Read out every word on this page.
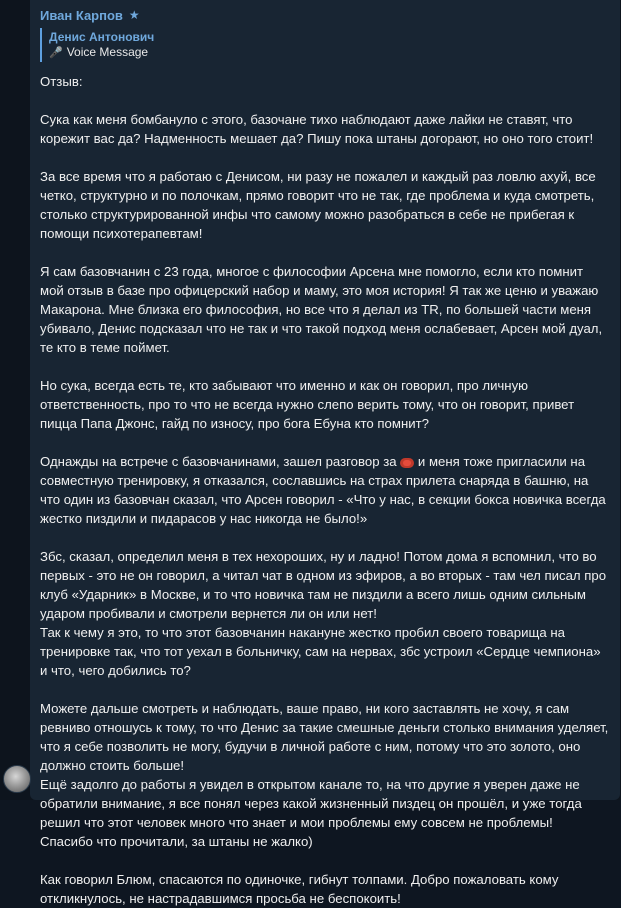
Иван Карпов ★
Денис Антонович
🎤 Voice Message

Отзыв:

Сука как меня бомбануло с этого, базочане тихо наблюдают даже лайки не ставят, что корежит вас да? Надменность мешает да? Пишу пока штаны догорают, но оно того стоит!

За все время что я работаю с Денисом, ни разу не пожалел и каждый раз ловлю ахуй, все четко, структурно и по полочкам, прямо говорит что не так, где проблема и куда смотреть, столько структурированной инфы что самому можно разобраться в себе не прибегая к помощи психотерапевтам!

Я сам базовчанин с 23 года, многое с философии Арсена мне помогло, если кто помнит мой отзыв в базе про офицерский набор и маму, это моя история! Я так же ценю и уважаю Макарона. Мне близка его философия, но все что я делал из TR, по большей части меня убивало, Денис подсказал что не так и что такой подход меня ослабевает, Арсен мой дуал, те кто в теме поймет.

Но сука, всегда есть те, кто забывают что именно и как он говорил, про личную ответственность, про то что не всегда нужно слепо верить тому, что он говорит, привет пицца Папа Джонс, гайд по износу, про бога Ебуна кто помнит?

Однажды на встрече с базовчанинами, зашел разговор за  и меня тоже пригласили на совместную тренировку, я отказался, сославшись на страх прилета снаряда в башню, на что один из базовчан сказал, что Арсен говорил - «Что у нас, в секции бокса новичка всегда жестко пиздили и пидарасов у нас никогда не было!»

Збс, сказал, определил меня в тех нехороших, ну и ладно! Потом дома я вспомнил, что во первых - это не он говорил, а читал чат в одном из эфиров, а во вторых - там чел писал про клуб «Ударник» в Москве, и то что новичка там не пиздили а всего лишь одним сильным ударом пробивали и смотрели вернется ли он или нет!

Так к чему я это, то что этот базовчанин накануне жестко пробил своего товарища на тренировке так, что тот уехал в больничку, сам на нервах, збс устроил «Сердце чемпиона» и что, чего добились то?

Можете дальше смотреть и наблюдать, ваше право, ни кого заставлять не хочу, я сам ревниво отношусь к тому, то что Денис за такие смешные деньги столько внимания уделяет, что я себе позволить не могу, будучи в личной работе с ним, потому что это золото, оно должно стоить больше!

Ещё задолго до работы я увидел в открытом канале то, на что другие я уверен даже не обратили внимание, я все понял через какой жизненный пиздец он прошёл, и уже тогда решил что этот человек много что знает и мои проблемы ему совсем не проблемы!

Спасибо что прочитали, за штаны не жалко)

Как говорил Блюм, спасаются по одиночке, гибнут толпами. Добро пожаловать кому откликнулось, не настрадавшимся просьба не беспокоить!
